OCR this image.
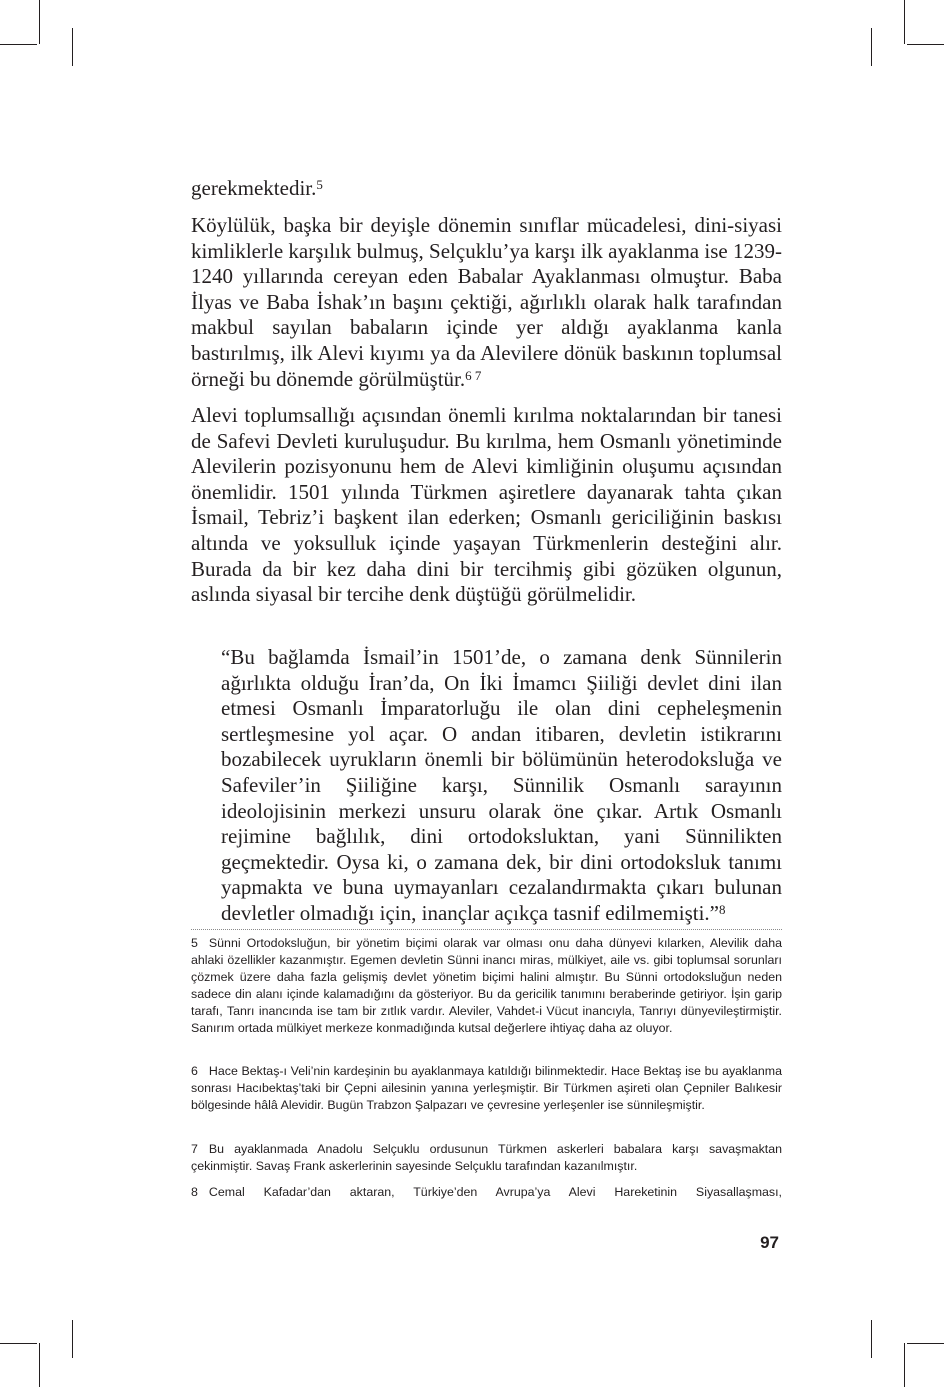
gerekmektedir.$^5$

Köylülük, başka bir deyişle dönemin sınıflar mücadelesi, dini-siyasi kimliklerle karşılık bulmuş, Selçuklu’ya karşı ilk ayaklanma ise 1239-1240 yıllarında cereyan eden Babalar Ayaklanması olmuştur. Baba İlyas ve Baba İshak’ın başını çektiği, ağırlıklı olarak halk tarafından makbul sayılan babaların içinde yer aldığı ayaklanma kanla bastırılmış, ilk Alevi kıyımı ya da Alevilere dönük baskının toplumsal örneği bu dönemde görülmüştür.$^{6 7}$

Alevi toplumsallığı açısından önemli kırılma noktalarından bir tanesi de Safevi Devleti kuruluşudur. Bu kırılma, hem Osmanlı yönetiminde Alevilerin pozisyonunu hem de Alevi kimliğinin oluşumu açısından önemlidir. 1501 yılında Türkmen aşiretlere dayanarak tahta çıkan İsmail, Tebriz’i başkent ilan ederken; Osmanlı gericiliğinin baskısı altında ve yoksulluk içinde yaşayan Türkmenlerin desteğini alır. Burada da bir kez daha dini bir tercihmiş gibi gözüken olgunun, aslında siyasal bir tercihe denk düştüğü görülmelidir.

“Bu bağlamda İsmail’in 1501’de, o zamana denk Sünnilerin ağırlıkta olduğu İran’da, On İki İmamcı Şiiliği devlet dini ilan etmesi Osmanlı İmparatorluğu ile olan dini cepheleşmenin sertleşmesine yol açar. O andan itibaren, devletin istikrarını bozabilecek uyrukların önemli bir bölümünün heterodoksluğa ve Safeviler’in Şiiliğine karşı, Sünnilik Osmanlı sarayının ideolojisinin merkezi unsuru olarak öne çıkar. Artık Osmanlı rejimine bağlılık, dini ortodoksluktan, yani Sünnilikten geçmektedir. Oysa ki, o zamana dek, bir dini ortodoksluk tanımı yapmakta ve buna uymayanları cezalandırmakta çıkarı bulunan devletler olmadığı için, inançlar açıkça tasnif edilmemişti.”$^8$

5 Sünni Ortodoksluğun, bir yönetim biçimi olarak var olması onu daha dünyevi kılarken, Alevilik daha ahlaki özellikler kazanmıştır. Egemen devletin Sünni inancı miras, mülkiyet, aile vs. gibi toplumsal sorunları çözmek üzere daha fazla gelişmiş devlet yönetim biçimi halini almıştır. Bu Sünni ortodoksluğun neden sadece din alanı içinde kalamadığını da gösteriyor. Bu da gericilik tanımını beraberinde getiriyor. İşin garip tarafı, Tanrı inancında ise tam bir zıtlık vardır. Aleviler, Vahdet-i Vücut inancıyla, Tanrıyı dünyevileştirmiştir. Sanırım ortada mülkiyet merkeze konmadığında kutsal değerlere ihtiyaç daha az oluyor.

6 Hace Bektaş-ı Veli’nin kardeşinin bu ayaklanmaya katıldığı bilinmektedir. Hace Bektaş ise bu ayaklanma sonrası Hacıbektaş’taki bir Çepni ailesinin yanına yerleşmiştir. Bir Türkmen aşireti olan Çepniler Balıkesir bölgesinde hâlâ Alevidir. Bugün Trabzon Şalpazarı ve çevresine yerleşenler ise sünnileşmiştir.

7 Bu ayaklanmada Anadolu Selçuklu ordusunun Türkmen askerleri babalara karşı savaşmaktan çekinmiştir. Savaş Frank askerlerinin sayesinde Selçuklu tarafından kazanılmıştır.

8 Cemal Kafadar’dan aktaran, Türkiye’den Avrupa’ya Alevi Hareketinin Siyasallaşması,

97
